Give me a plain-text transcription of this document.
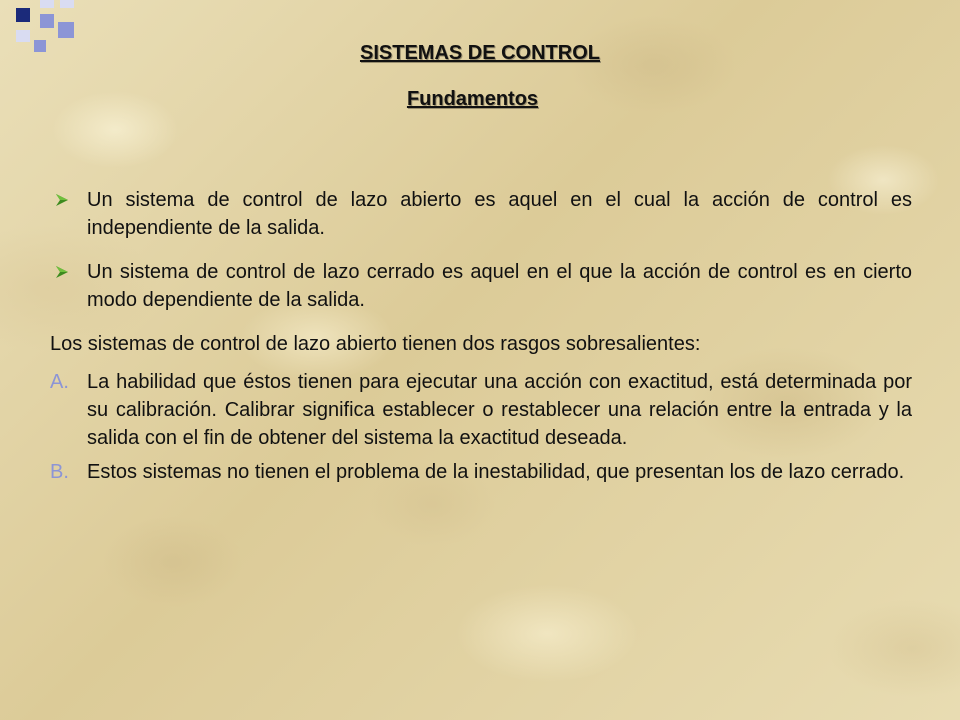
SISTEMAS DE CONTROL
Fundamentos

Un sistema de control de lazo abierto es aquel en el cual la acción de control es independiente de la salida.

Un sistema de control de lazo cerrado es aquel en el que la acción de control es en cierto modo dependiente de la salida.

Los sistemas de control de lazo abierto tienen dos rasgos sobresalientes:

A. La habilidad que éstos tienen para ejecutar una acción con exactitud, está determinada por su calibración. Calibrar significa establecer o restablecer una relación entre la entrada y la salida con el fin de obtener del sistema la exactitud deseada.

B. Estos sistemas no tienen el problema de la inestabilidad, que presentan los de lazo cerrado.
